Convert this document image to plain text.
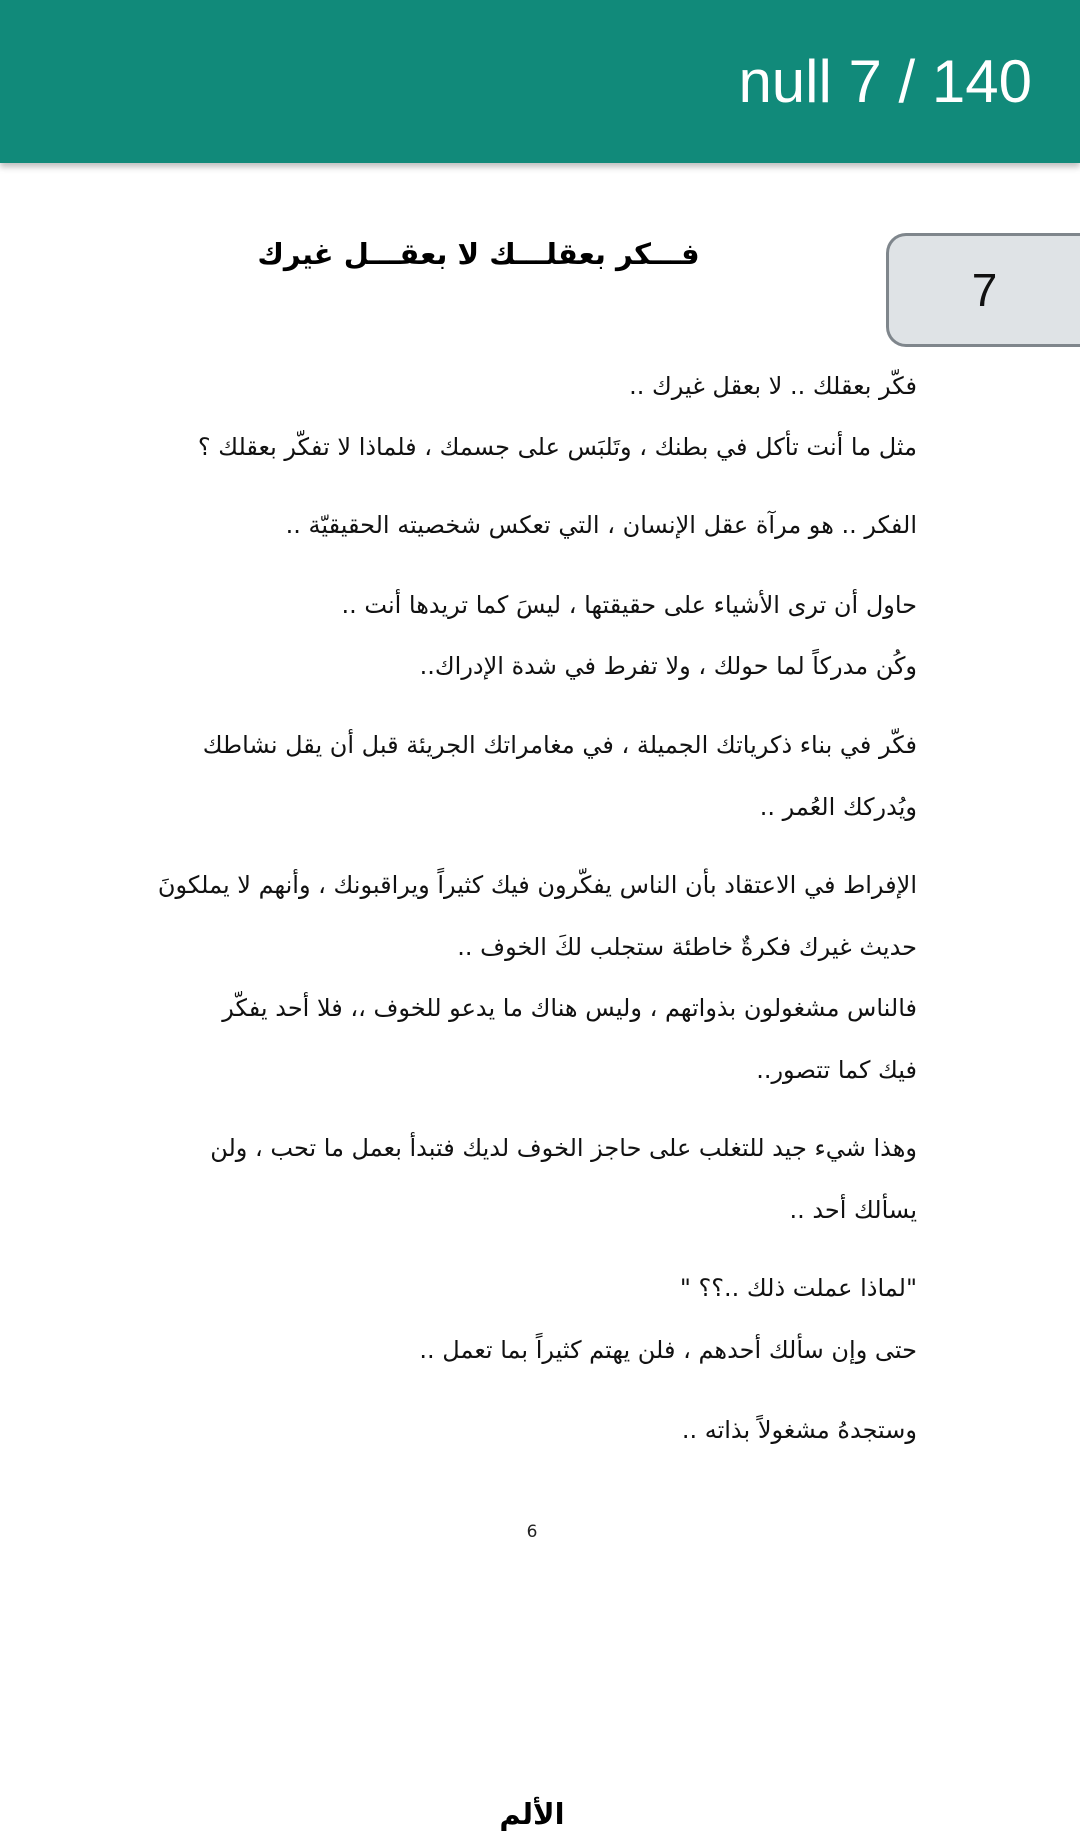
null 7 / 140
7
فـــكر بعقلـــك لا بعقـــل غيرك
فكّر بعقلك .. لا بعقل غيرك ..
مثل ما أنت تأكل في بطنك ، وتَلبَس على جسمك ، فلماذا لا تفكّر بعقلك ؟
الفكر .. هو مرآة عقل الإنسان ، التي تعكس شخصيته الحقيقيّة ..
حاول أن ترى الأشياء على حقيقتها ، ليسَ كما تريدها أنت ..
وكُن مدركاً لما حولك ، ولا تفرط في شدة الإدراك..
فكّر في بناء ذكرياتك الجميلة ، في مغامراتك الجريئة قبل أن يقل نشاطك
ويُدركك العُمر ..
الإفراط في الاعتقاد بأن الناس يفكّرون فيك كثيراً ويراقبونك ، وأنهم لا يملكونَ
حديث غيرك فكرةٌ خاطئة ستجلب لكَ الخوف ..
فالناس مشغولون بذواتهم ، وليس هناك ما يدعو للخوف ،، فلا أحد يفكّر
فيك كما تتصور..
وهذا شيء جيد للتغلب على حاجز الخوف لديك فتبدأ بعمل ما تحب ، ولن
يسألك أحد ..
"لماذا عملت ذلك ..؟؟ "
حتى وإن سألك أحدهم ، فلن يهتم كثيراً بما تعمل ..
وستجدهُ مشغولاً بذاته ..
6
الألم
